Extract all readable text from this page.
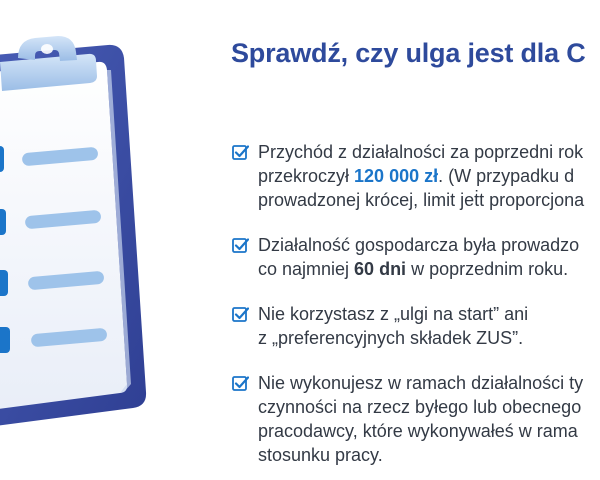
Sprawdź, czy ulga jest dla C
Przychód z działalności za poprzedni rok
przekroczył 120 000 zł. (W przypadku d
prowadzonej krócej, limit jeṫt proporcjona
Działalność gospodarcza była prowadzo
co najmniej 60 dni w poprzednim roku.
Nie korzystasz z „ulgi na start” ani
z „preferencyjnych składek ZUS”.
Nie wykonujesz w ramach działalności ty
czynności na rzecz byłego lub obecnego
pracodawcy, które wykonywałeś w rama
stosunku pracy.
